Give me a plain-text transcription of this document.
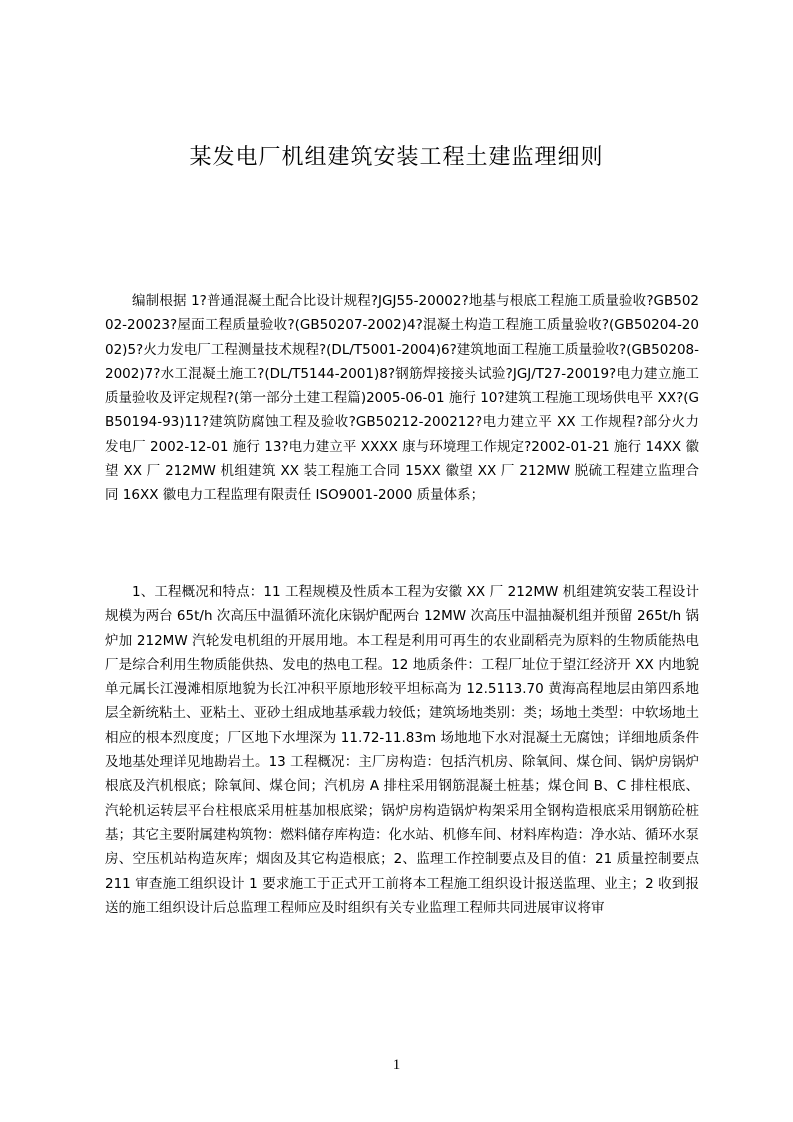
某发电厂机组建筑安装工程土建监理细则
编制根据 1?普通混凝土配合比设计规程?JGJ55-20002?地基与根底工程施工质量验收?GB50202-20023?屋面工程质量验收?(GB50207-2002)4?混凝土构造工程施工质量验收?(GB50204-2002)5?火力发电厂工程测量技术规程?(DL/T5001-2004)6?建筑地面工程施工质量验收?(GB50208-2002)7?水工混凝土施工?(DL/T5144-2001)8?钢筋焊接接头试验?JGJ/T27-20019?电力建立施工质量验收及评定规程?(第一部分土建工程篇)2005-06-01 施行 10?建筑工程施工现场供电平 XX?(GB50194-93)11?建筑防腐蚀工程及验收?GB50212-200212?电力建立平 XX 工作规程?部分火力发电厂 2002-12-01 施行 13?电力建立平 XXXX 康与环境理工作规定?2002-01-21 施行 14XX 徽望 XX 厂 212MW 机组建筑 XX 装工程施工合同 15XX 徽望 XX 厂 212MW 脱硫工程建立监理合同 16XX 徽电力工程监理有限责任 ISO9001-2000 质量体系；
1、工程概况和特点：11 工程规模及性质本工程为安徽 XX 厂 212MW 机组建筑安装工程设计规模为两台 65t/h 次高压中温循环流化床锅炉配两台 12MW 次高压中温抽凝机组并预留 265t/h 锅炉加 212MW 汽轮发电机组的开展用地。本工程是利用可再生的农业副稻壳为原料的生物质能热电厂是综合利用生物质能供热、发电的热电工程。12 地质条件：工程厂址位于望江经济开 XX 内地貌单元属长江漫滩相原地貌为长江冲积平原地形较平坦标高为 12.5113.70 黄海高程地层由第四系地层全新统粘土、亚粘土、亚砂土组成地基承载力较低；建筑场地类别：类；场地土类型：中软场地土相应的根本烈度度；厂区地下水埋深为 11.72-11.83m 场地地下水对混凝土无腐蚀；详细地质条件及地基处理详见地勘岩土。13 工程概况：主厂房构造：包括汽机房、除氧间、煤仓间、锅炉房锅炉根底及汽机根底；除氧间、煤仓间；汽机房 A 排柱采用钢筋混凝土桩基；煤仓间 B、C 排柱根底、汽轮机运转层平台柱根底采用桩基加根底梁；锅炉房构造锅炉构架采用全钢构造根底采用钢筋砼桩基；其它主要附属建构筑物：燃料储存库构造：化水站、机修车间、材料库构造：净水站、循环水泵房、空压机站构造灰库；烟囱及其它构造根底；2、监理工作控制要点及目的值：21 质量控制要点 211 审查施工组织设计 1 要求施工于正式开工前将本工程施工组织设计报送监理、业主；2 收到报送的施工组织设计后总监理工程师应及时组织有关专业监理工程师共同进展审议将审
1
